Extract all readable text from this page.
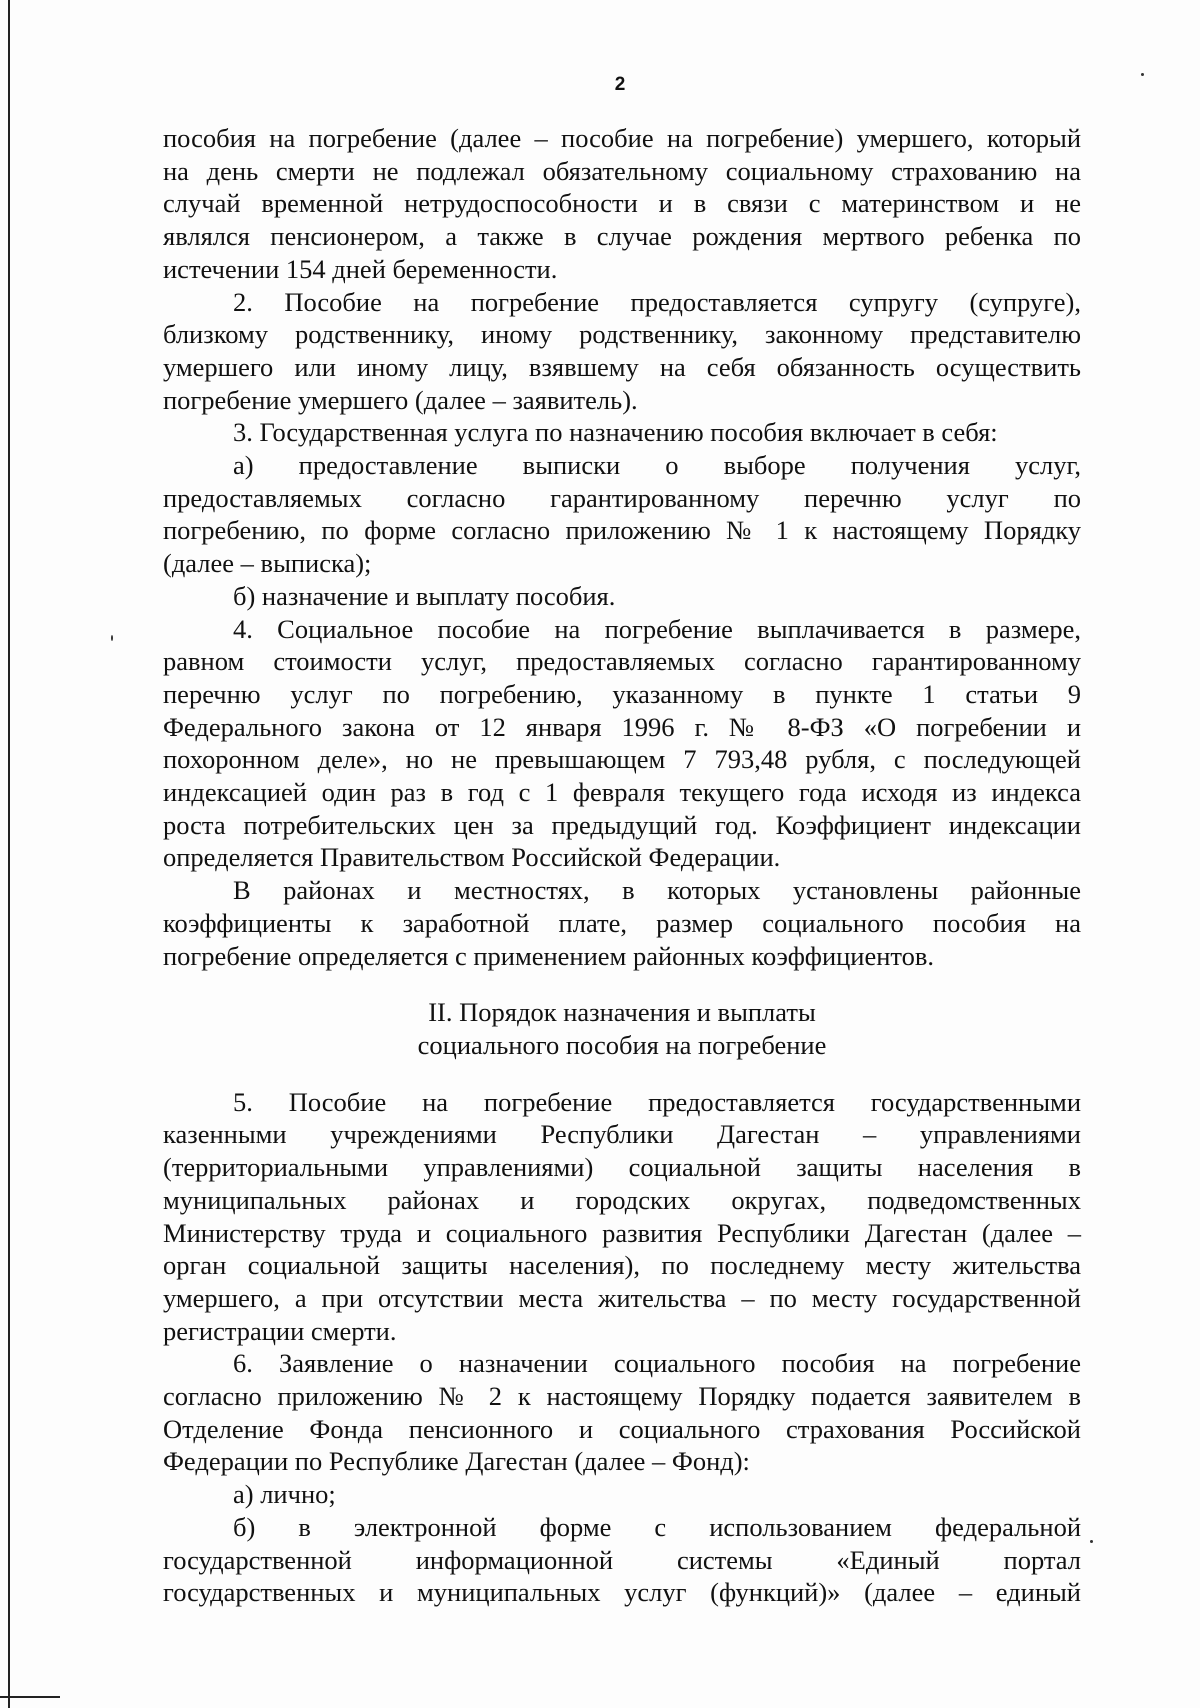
2
пособия на погребение (далее – пособие на погребение) умершего, который
на день смерти не подлежал обязательному социальному страхованию на
случай временной нетрудоспособности и в связи с материнством и не
являлся пенсионером, а также в случае рождения мертвого ребенка по
истечении 154 дней беременности.
2. Пособие на погребение предоставляется супругу (супруге),
близкому родственнику, иному родственнику, законному представителю
умершего или иному лицу, взявшему на себя обязанность осуществить
погребение умершего (далее – заявитель).
3. Государственная услуга по назначению пособия включает в себя:
а) предоставление выписки о выборе получения услуг,
предоставляемых согласно гарантированному перечню услуг по
погребению, по форме согласно приложению № 1 к настоящему Порядку
(далее – выписка);
б) назначение и выплату пособия.
4. Социальное пособие на погребение выплачивается в размере,
равном стоимости услуг, предоставляемых согласно гарантированному
перечню услуг по погребению, указанному в пункте 1 статьи 9
Федерального закона от 12 января 1996 г. № 8-ФЗ «О погребении и
похоронном деле», но не превышающем 7 793,48 рубля, с последующей
индексацией один раз в год с 1 февраля текущего года исходя из индекса
роста потребительских цен за предыдущий год. Коэффициент индексации
определяется Правительством Российской Федерации.
В районах и местностях, в которых установлены районные
коэффициенты к заработной плате, размер социального пособия на
погребение определяется с применением районных коэффициентов.
II. Порядок назначения и выплаты
социального пособия на погребение
5. Пособие на погребение предоставляется государственными
казенными учреждениями Республики Дагестан – управлениями
(территориальными управлениями) социальной защиты населения в
муниципальных районах и городских округах, подведомственных
Министерству труда и социального развития Республики Дагестан (далее –
орган социальной защиты населения), по последнему месту жительства
умершего, а при отсутствии места жительства – по месту государственной
регистрации смерти.
6. Заявление о назначении социального пособия на погребение
согласно приложению № 2 к настоящему Порядку подается заявителем в
Отделение Фонда пенсионного и социального страхования Российской
Федерации по Республике Дагестан (далее – Фонд):
а) лично;
б) в электронной форме с использованием федеральной
государственной информационной системы «Единый портал
государственных и муниципальных услуг (функций)» (далее – единый
